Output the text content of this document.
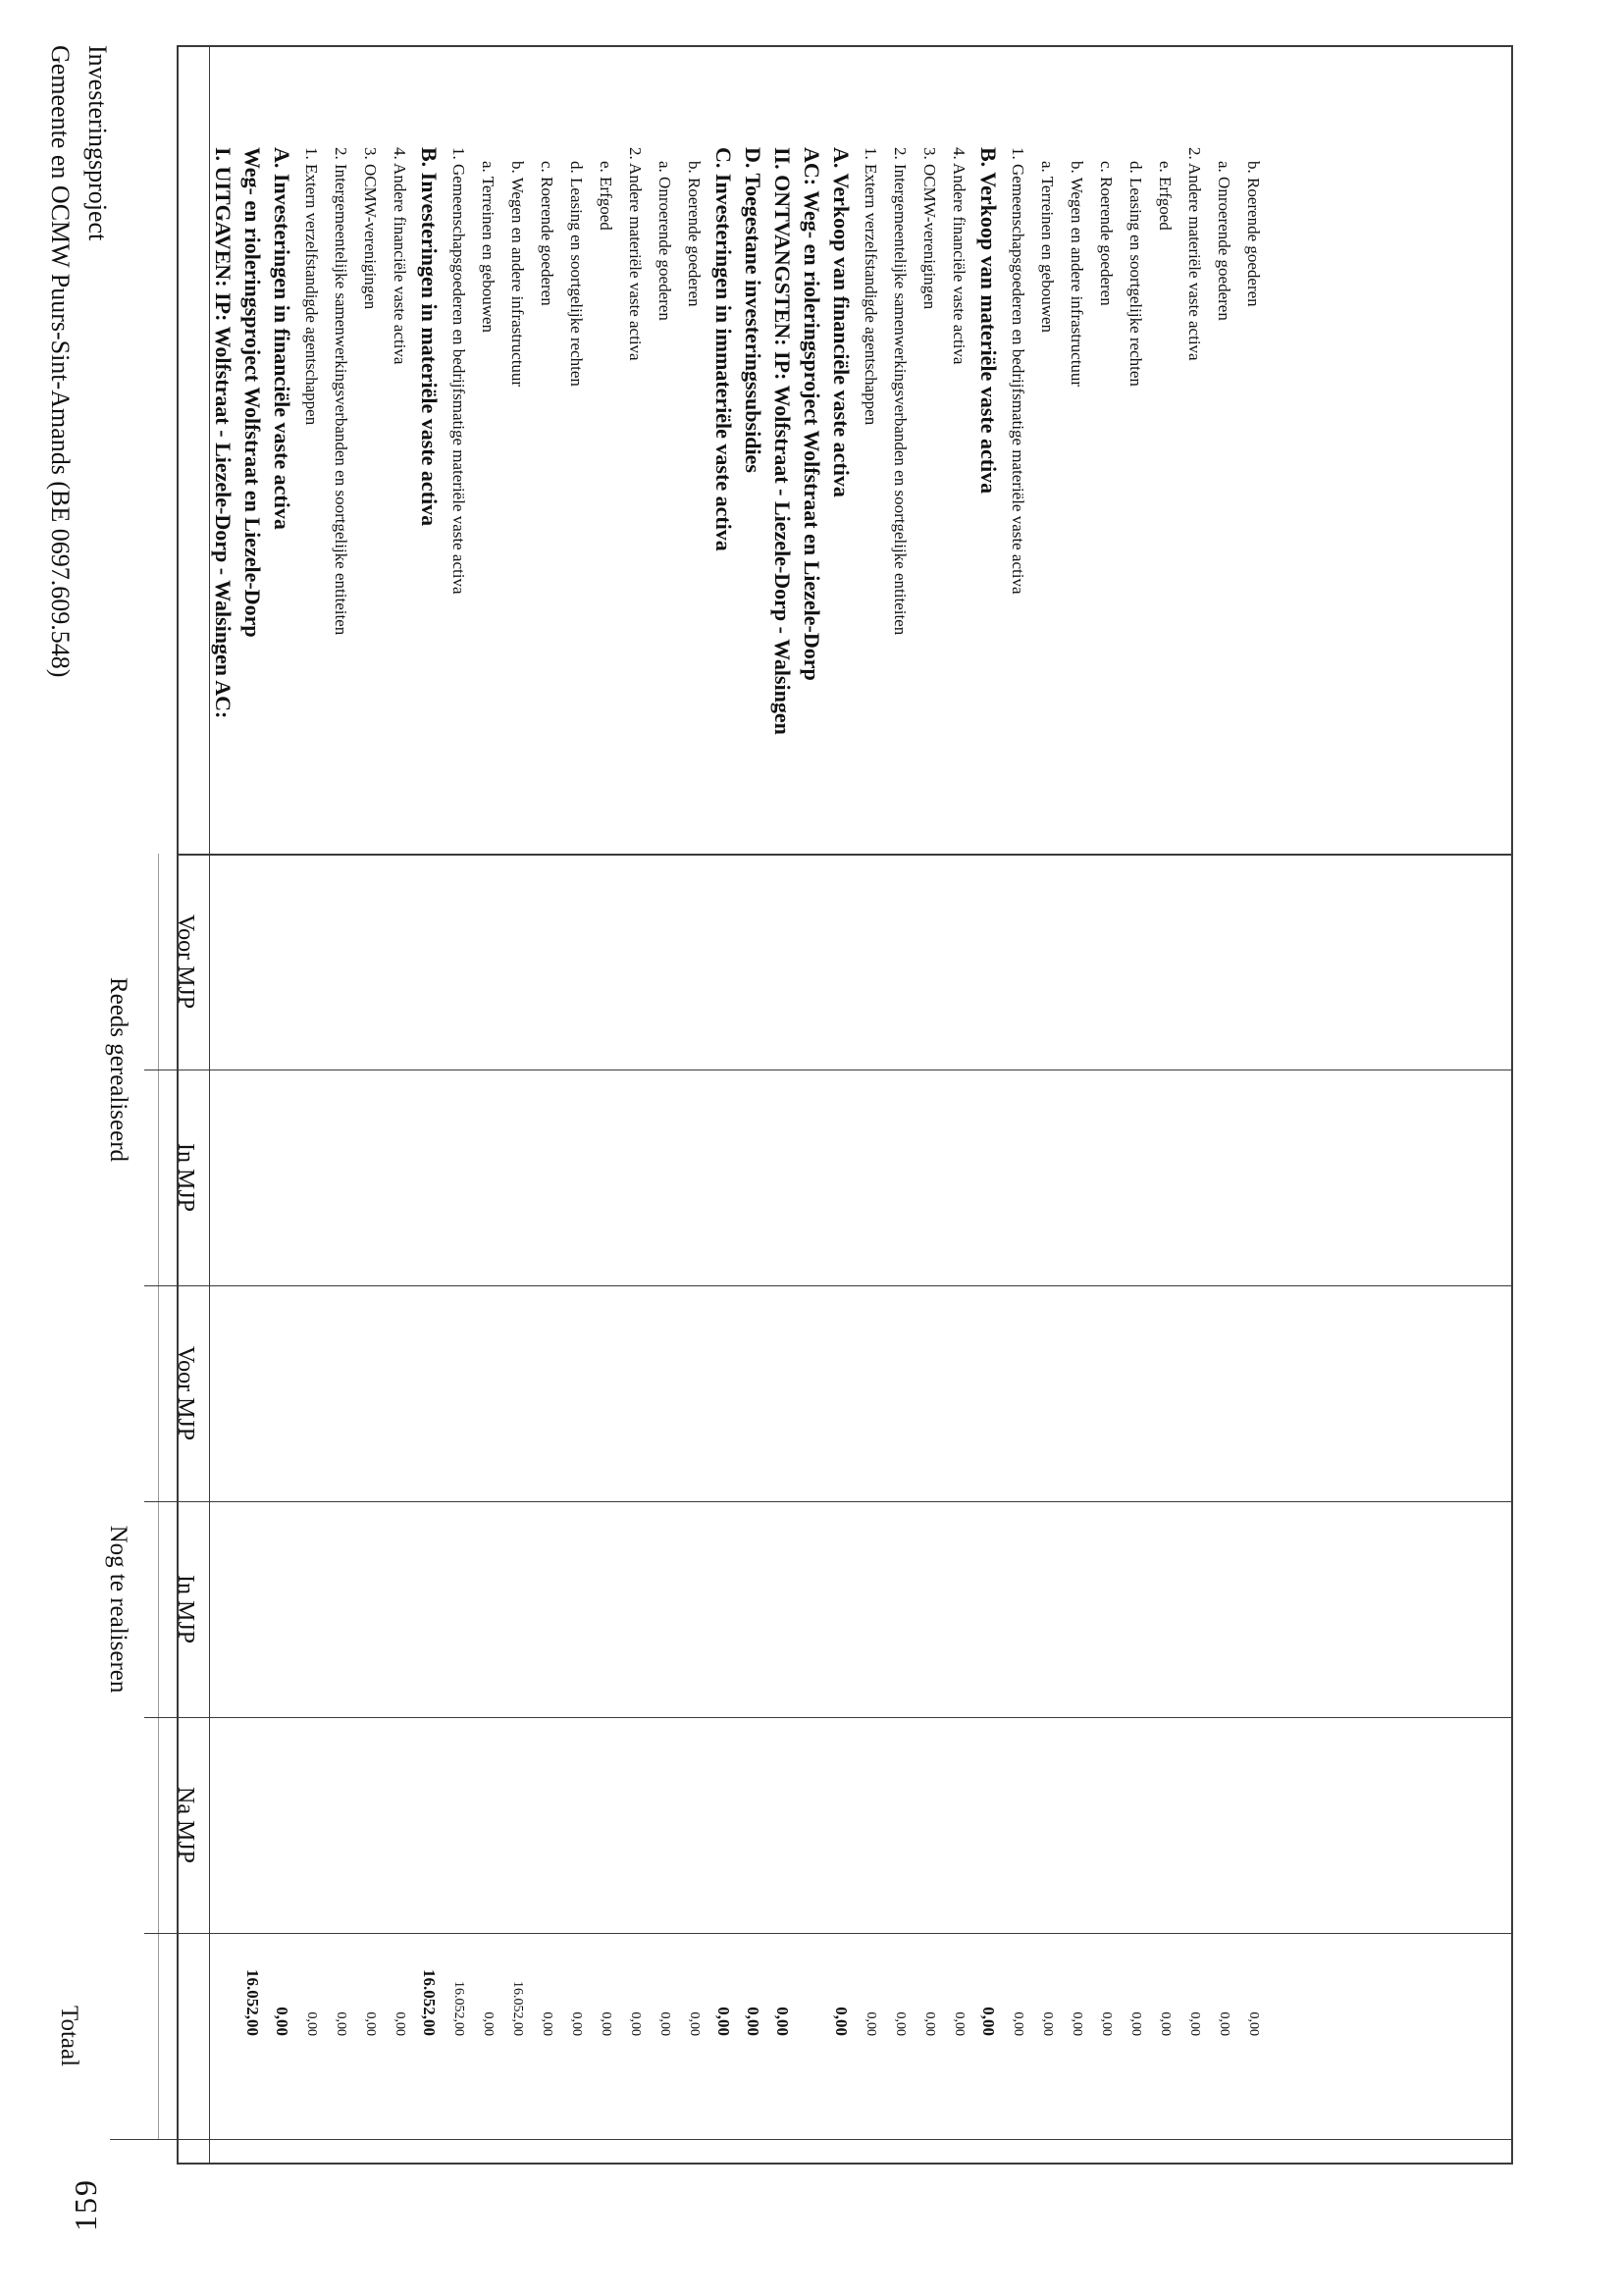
Reeds gerealiseerd
Nog te realiseren
Totaal
Voor MJP
In MJP
Voor MJP
In MJP
Na MJP
I. UITGAVEN: IP: Wolfstraat - Liezele-Dorp - Walsingen AC: Weg- en rioleringsproject Wolfstraat en Liezele-Dorp
16.052,00
A. Investeringen in financiële vaste activa
0,00
1. Extern verzelfstandigde agentschappen
0,00
2. Intergemeentelijke samenwerkingsverbanden en soortgelijke entiteiten
0,00
3. OCMW-verenigingen
0,00
4. Andere financiële vaste activa
0,00
B. Investeringen in materiële vaste activa
16.052,00
1. Gemeenschapsgoederen en bedrijfsmatige materiële vaste activa
16.052,00
a. Terreinen en gebouwen
0,00
b. Wegen en andere infrastructuur
16.052,00
c. Roerende goederen
0,00
d. Leasing en soortgelijke rechten
0,00
e. Erfgoed
0,00
2. Andere materiële vaste activa
0,00
a. Onroerende goederen
0,00
b. Roerende goederen
0,00
C. Investeringen in immateriële vaste activa
0,00
D. Toegestane investeringssubsidies
0,00
II. ONTVANGSTEN: IP: Wolfstraat - Liezele-Dorp - Walsingen
0,00
AC: Weg- en rioleringsproject Wolfstraat en Liezele-Dorp A. Verkoop van financiële vaste activa
0,00
1. Extern verzelfstandigde agentschappen
0,00
2. Intergemeentelijke samenwerkingsverbanden en soortgelijke entiteiten
0,00
3. OCMW-verenigingen
0,00
4. Andere financiële vaste activa
0,00
B. Verkoop van materiële vaste activa
0,00
1. Gemeenschapsgoederen en bedrijfsmatige materiële vaste activa
0,00
a. Terreinen en gebouwen
0,00
b. Wegen en andere infrastructuur
0,00
c. Roerende goederen
0,00
d. Leasing en soortgelijke rechten
0,00
e. Erfgoed
0,00
2. Andere materiële vaste activa
0,00
a. Onroerende goederen
0,00
b. Roerende goederen
0,00
Investeringsproject
Gemeente en OCMW Puurs-Sint-Amands (BE 0697.609.548)
159
